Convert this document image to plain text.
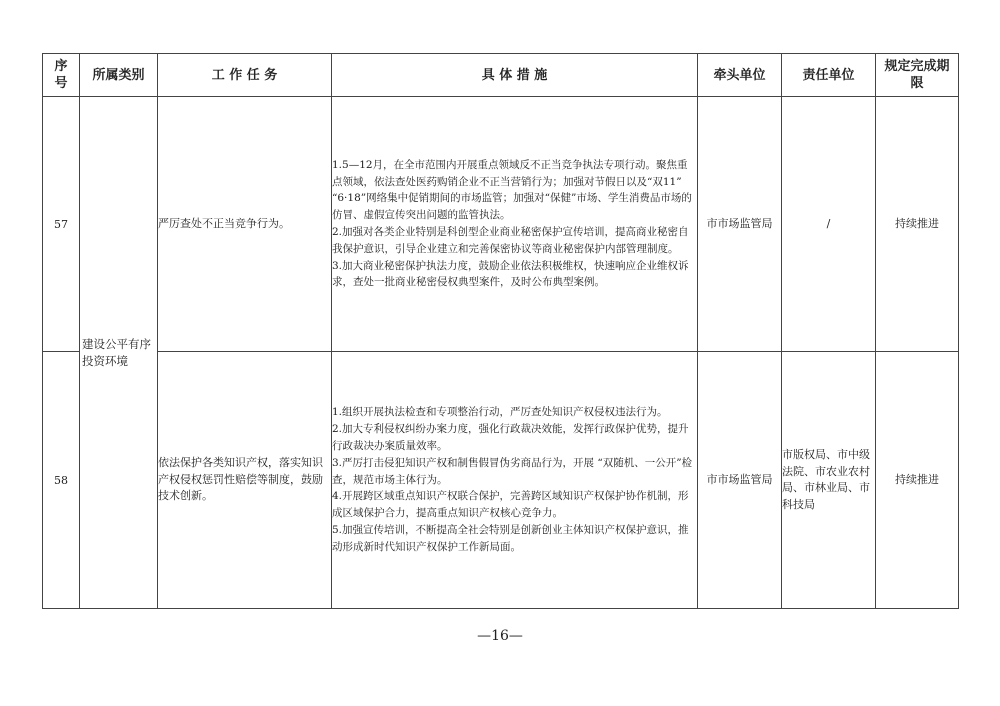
序号	所属类别	工 作 任 务	具 体 措 施	牵头单位	责任单位	规定完成期限
57	建设公平有序投资环境	严厉查处不正当竞争行为。	1.5—12月，在全市范围内开展重点领域反不正当竞争执法专项行动。聚焦重点领域，依法查处医药购销企业不正当营销行为；加强对节假日以及“双11” “6·18”网络集中促销期间的市场监管；加强对“保健”市场、学生消费品市场的仿冒、虚假宣传突出问题的监管执法。
2.加强对各类企业特别是科创型企业商业秘密保护宣传培训，提高商业秘密自我保护意识，引导企业建立和完善保密协议等商业秘密保护内部管理制度。
3.加大商业秘密保护执法力度，鼓励企业依法积极维权，快速响应企业维权诉求，查处一批商业秘密侵权典型案件，及时公布典型案例。	市市场监管局	/	持续推进
58		依法保护各类知识产权，落实知识产权侵权惩罚性赔偿等制度，鼓励技术创新。	1.组织开展执法检查和专项整治行动，严厉查处知识产权侵权违法行为。
2.加大专利侵权纠纷办案力度，强化行政裁决效能，发挥行政保护优势，提升行政裁决办案质量效率。
3.严厉打击侵犯知识产权和制售假冒伪劣商品行为，开展 “双随机、一公开”检查，规范市场主体行为。
4.开展跨区域重点知识产权联合保护，完善跨区域知识产权保护协作机制，形成区域保护合力，提高重点知识产权核心竞争力。
5.加强宣传培训，不断提高全社会特别是创新创业主体知识产权保护意识，推动形成新时代知识产权保护工作新局面。	市市场监管局	市版权局、市中级法院、市农业农村局、市林业局、市科技局	持续推进
—16—
